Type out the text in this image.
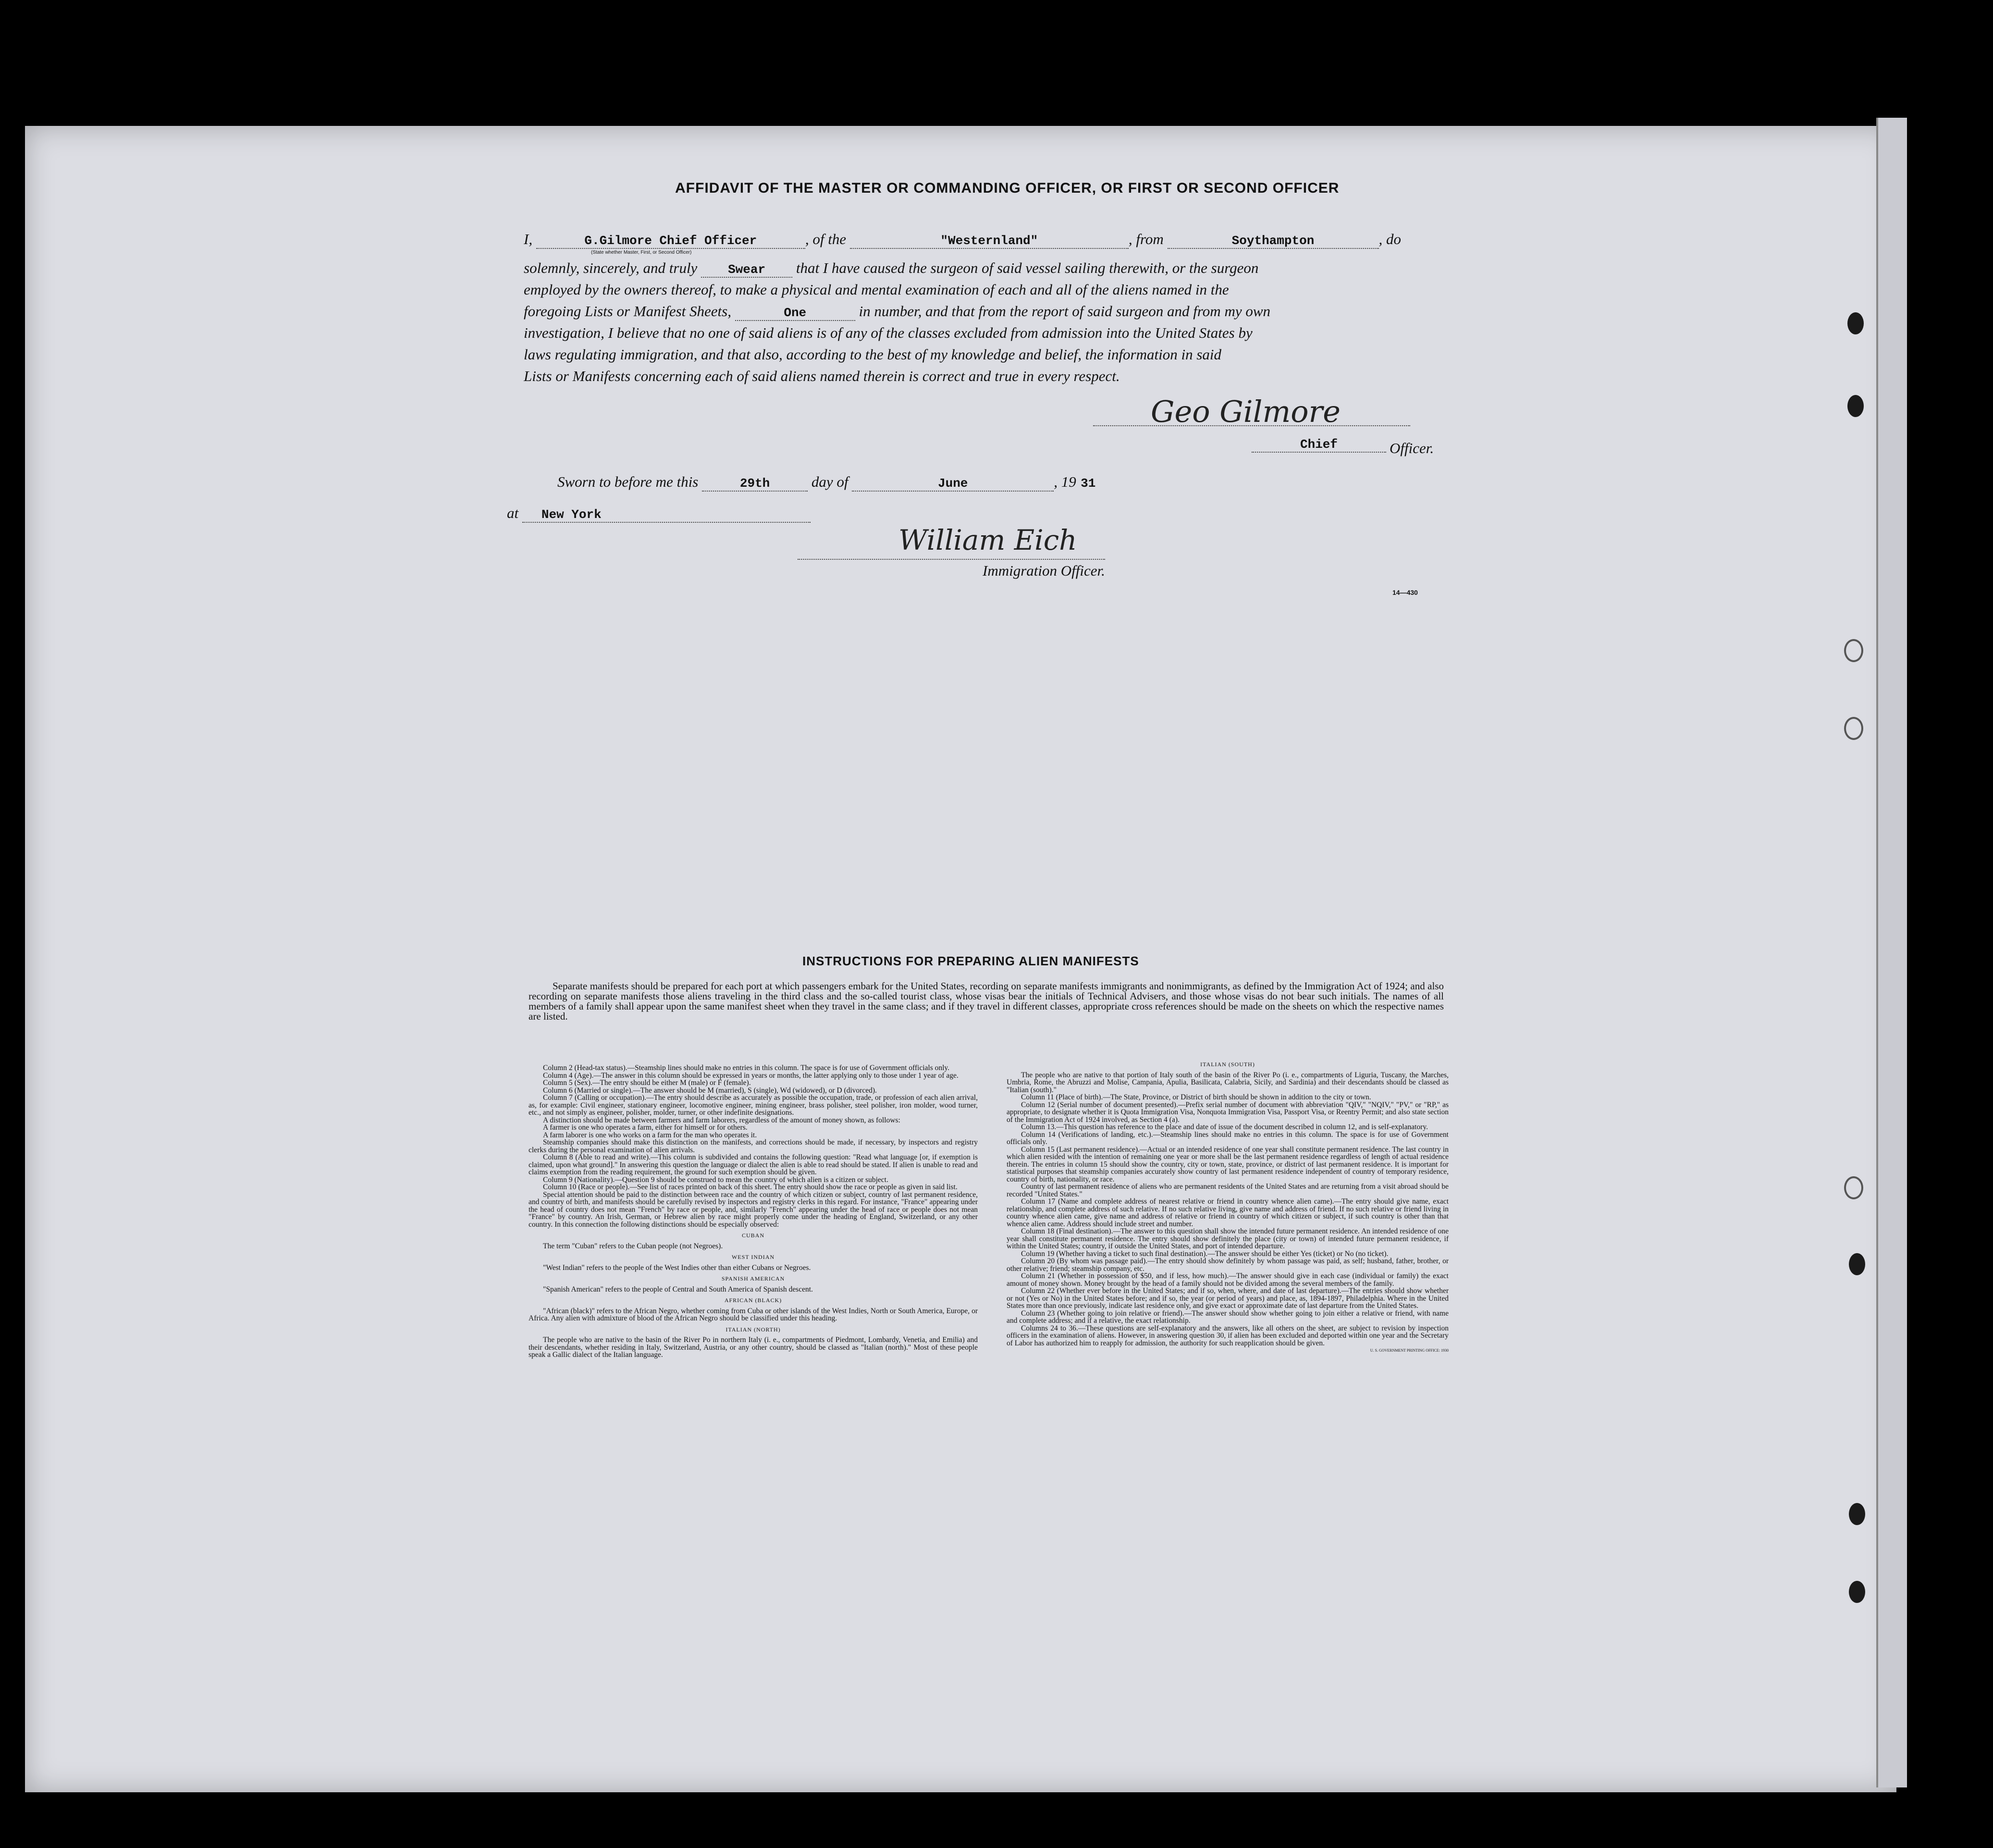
AFFIDAVIT OF THE MASTER OR COMMANDING OFFICER, OR FIRST OR SECOND OFFICER
I,	G.Gilmore Chief Officer	, of the	"Westernland"	, from	Soythampton	, do
(State whether Master, First, or Second Officer)
solemnly, sincerely, and truly Swear that I have caused the surgeon of said vessel sailing therewith, or the surgeon
employed by the owners thereof, to make a physical and mental examination of each and all of the aliens named in the
foregoing Lists or Manifest Sheets,	One	in number, and that from the report of said surgeon and from my own
investigation, I believe that no one of said aliens is of any of the classes excluded from admission into the United States by
laws regulating immigration, and that also, according to the best of my knowledge and belief, the information in said
Lists or Manifests concerning each of said aliens named therein is correct and true in every respect.
Geo Gilmore
Chief	Officer.
Sworn to before me this	29th	day of	June	, 19 31
at New York
William Eich
Immigration Officer.
14—430
INSTRUCTIONS FOR PREPARING ALIEN MANIFESTS
Separate manifests should be prepared for each port at which passengers embark for the United States, recording on separate manifests immigrants and nonimmigrants, as defined by the Immigration Act of 1924; and also recording on separate manifests those aliens traveling in the third class and the so-called tourist class, whose visas bear the initials of Technical Advisers, and those whose visas do not bear such initials. The names of all members of a family shall appear upon the same manifest sheet when they travel in the same class; and if they travel in different classes, appropriate cross references should be made on the sheets on which the respective names are listed.

Column 2 (Head-tax status).—Steamship lines should make no entries in this column. The space is for use of Government officials only.

Column 4 (Age).—The answer in this column should be expressed in years or months, the latter applying only to those under 1 year of age.

Column 5 (Sex).—The entry should be either M (male) or F (female).

Column 6 (Married or single).—The answer should be M (married), S (single), Wd (widowed), or D (divorced).

Column 7 (Calling or occupation).—The entry should describe as accurately as possible the occupation, trade, or profession of each alien arrival, as, for example: Civil engineer, stationary engineer, locomotive engineer, mining engineer, brass polisher, steel polisher, iron molder, wood turner, etc., and not simply as engineer, polisher, molder, turner, or other indefinite designations.

A distinction should be made between farmers and farm laborers, regardless of the amount of money shown, as follows:

A farmer is one who operates a farm, either for himself or for others.

A farm laborer is one who works on a farm for the man who operates it.

Steamship companies should make this distinction on the manifests, and corrections should be made, if necessary, by inspectors and registry clerks during the personal examination of alien arrivals.

Column 8 (Able to read and write).—This column is subdivided and contains the following question: "Read what language [or, if exemption is claimed, upon what ground]." In answering this question the language or dialect the alien is able to read should be stated. If alien is unable to read and claims exemption from the reading requirement, the ground for such exemption should be given.

Column 9 (Nationality).—Question 9 should be construed to mean the country of which alien is a citizen or subject.

Column 10 (Race or people).—See list of races printed on back of this sheet. The entry should show the race or people as given in said list.

Special attention should be paid to the distinction between race and the country of which citizen or subject, country of last permanent residence, and country of birth, and manifests should be carefully revised by inspectors and registry clerks in this regard. For instance, "France" appearing under the head of country does not mean "French" by race or people, and, similarly "French" appearing under the head of race or people does not mean "France" by country. An Irish, German, or Hebrew alien by race might properly come under the heading of England, Switzerland, or any other country. In this connection the following distinctions should be especially observed:

CUBAN

The term "Cuban" refers to the Cuban people (not Negroes).

WEST INDIAN

"West Indian" refers to the people of the West Indies other than either Cubans or Negroes.

SPANISH AMERICAN

"Spanish American" refers to the people of Central and South America of Spanish descent.

AFRICAN (BLACK)

"African (black)" refers to the African Negro, whether coming from Cuba or other islands of the West Indies, North or South America, Europe, or Africa. Any alien with admixture of blood of the African Negro should be classified under this heading.

ITALIAN (NORTH)

The people who are native to the basin of the River Po in northern Italy (i. e., compartments of Piedmont, Lombardy, Venetia, and Emilia) and their descendants, whether residing in Italy, Switzerland, Austria, or any other country, should be classed as "Italian (north)." Most of these people speak a Gallic dialect of the Italian language.

ITALIAN (SOUTH)

The people who are native to that portion of Italy south of the basin of the River Po (i. e., compartments of Liguria, Tuscany, the Marches, Umbria, Rome, the Abruzzi and Molise, Campania, Apulia, Basilicata, Calabria, Sicily, and Sardinia) and their descendants should be classed as "Italian (south)."

Column 11 (Place of birth).—The State, Province, or District of birth should be shown in addition to the city or town.

Column 12 (Serial number of document presented).—Prefix serial number of document with abbreviation "QIV," "NQIV," "PV," or "RP," as appropriate, to designate whether it is Quota Immigration Visa, Nonquota Immigration Visa, Passport Visa, or Reentry Permit; and also state section of the Immigration Act of 1924 involved, as Section 4 (a).

Column 13.—This question has reference to the place and date of issue of the document described in column 12, and is self-explanatory.

Column 14 (Verifications of landing, etc.).—Steamship lines should make no entries in this column. The space is for use of Government officials only.

Column 15 (Last permanent residence).—Actual or an intended residence of one year shall constitute permanent residence. The last country in which alien resided with the intention of remaining one year or more shall be the last permanent residence regardless of length of actual residence therein. The entries in column 15 should show the country, city or town, state, province, or district of last permanent residence. It is important for statistical purposes that steamship companies accurately show country of last permanent residence independent of country of temporary residence, country of birth, nationality, or race.

Country of last permanent residence of aliens who are permanent residents of the United States and are returning from a visit abroad should be recorded "United States."

Column 17 (Name and complete address of nearest relative or friend in country whence alien came).—The entry should give name, exact relationship, and complete address of such relative. If no such relative living, give name and address of friend. If no such relative or friend living in country whence alien came, give name and address of relative or friend in country of which citizen or subject, if such country is other than that whence alien came. Address should include street and number.

Column 18 (Final destination).—The answer to this question shall show the intended future permanent residence. An intended residence of one year shall constitute permanent residence. The entry should show definitely the place (city or town) of intended future permanent residence, if within the United States; country, if outside the United States, and port of intended departure.

Column 19 (Whether having a ticket to such final destination).—The answer should be either Yes (ticket) or No (no ticket).

Column 20 (By whom was passage paid).—The entry should show definitely by whom passage was paid, as self; husband, father, brother, or other relative; friend; steamship company, etc.

Column 21 (Whether in possession of $50, and if less, how much).—The answer should give in each case (individual or family) the exact amount of money shown. Money brought by the head of a family should not be divided among the several members of the family.

Column 22 (Whether ever before in the United States; and if so, when, where, and date of last departure).—The entries should show whether or not (Yes or No) in the United States before; and if so, the year (or period of years) and place, as, 1894-1897, Philadelphia. Where in the United States more than once previously, indicate last residence only, and give exact or approximate date of last departure from the United States.

Column 23 (Whether going to join relative or friend).—The answer should show whether going to join either a relative or friend, with name and complete address; and if a relative, the exact relationship.

Columns 24 to 36.—These questions are self-explanatory and the answers, like all others on the sheet, are subject to revision by inspection officers in the examination of aliens. However, in answering question 30, if alien has been excluded and deported within one year and the Secretary of Labor has authorized him to reapply for admission, the authority for such reapplication should be given.

U. S. GOVERNMENT PRINTING OFFICE: 1930
